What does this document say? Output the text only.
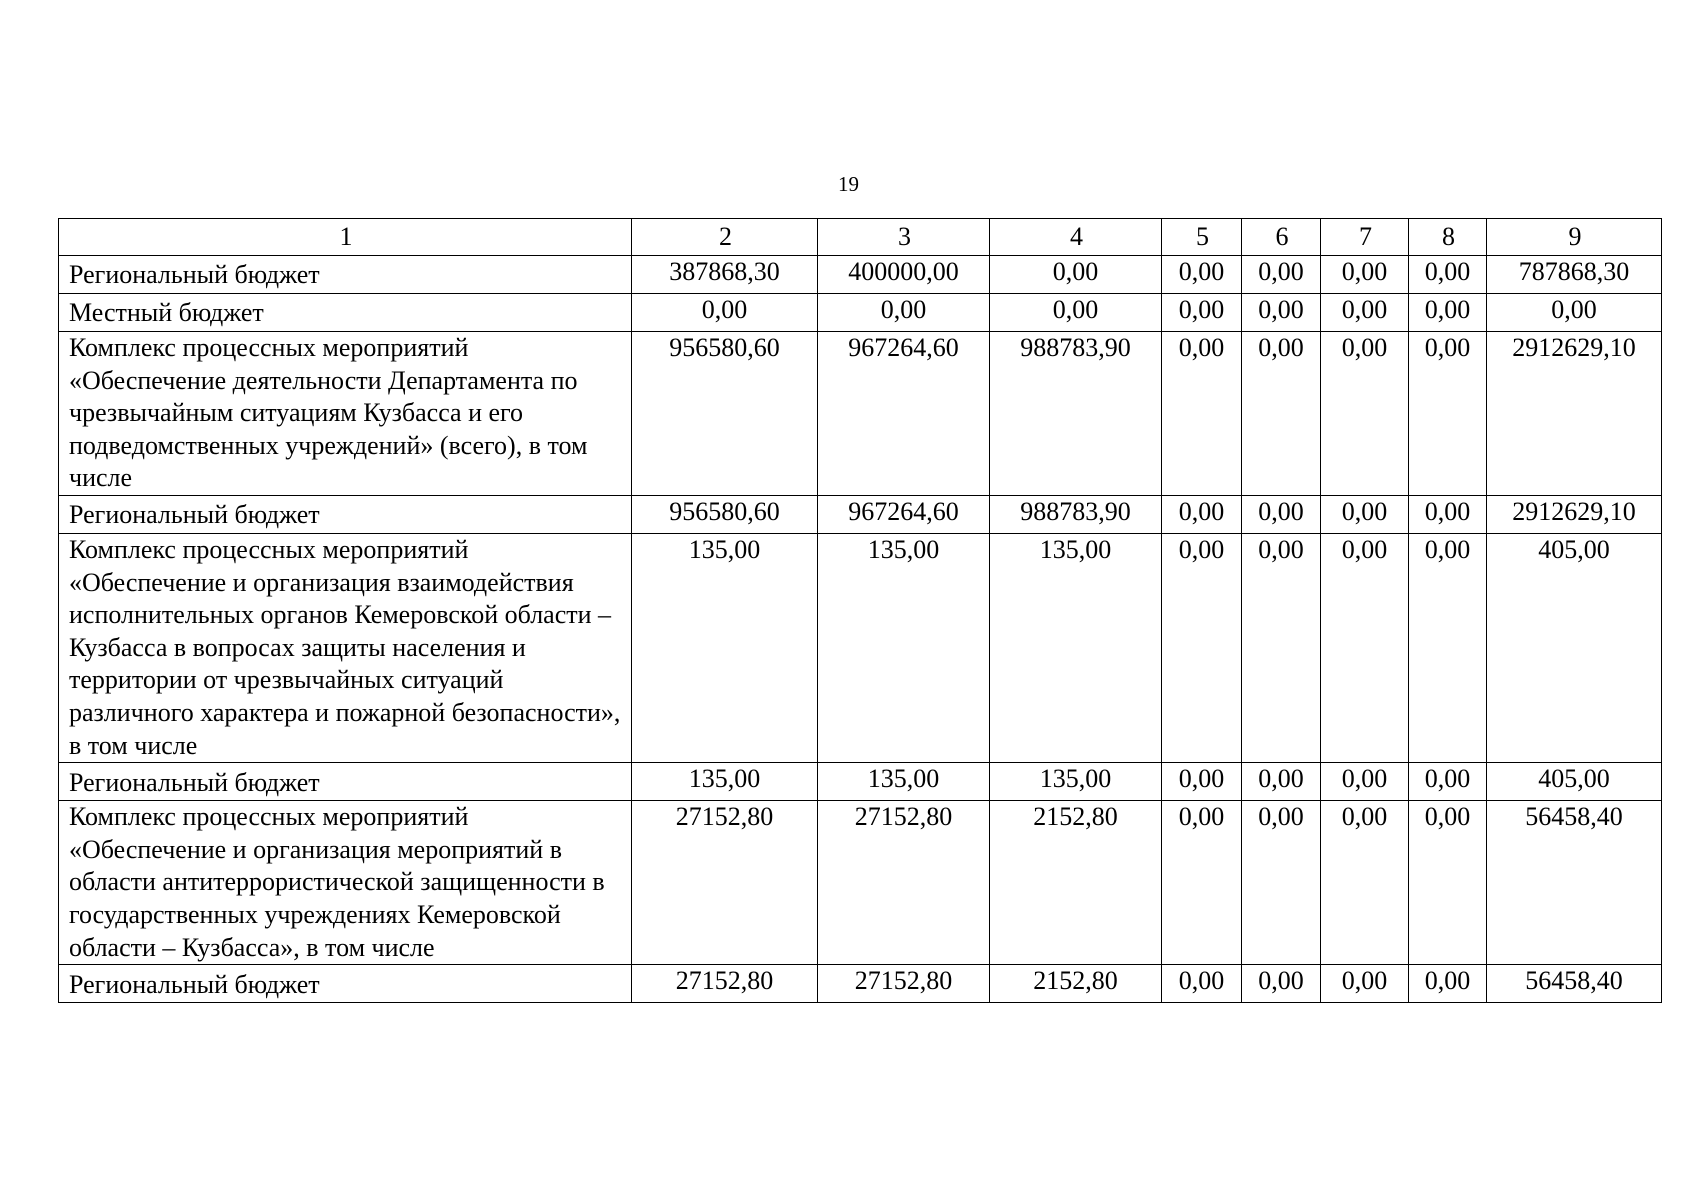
19
1	2	3	4	5	6	7	8	9
Региональный бюджет	387868,30	400000,00	0,00	0,00	0,00	0,00	0,00	787868,30
Местный бюджет	0,00	0,00	0,00	0,00	0,00	0,00	0,00	0,00
Комплекс процессных мероприятий «Обеспечение деятельности Департамента по чрезвычайным ситуациям Кузбасса и его подведомственных учреждений» (всего), в том числе	956580,60	967264,60	988783,90	0,00	0,00	0,00	0,00	2912629,10
Региональный бюджет	956580,60	967264,60	988783,90	0,00	0,00	0,00	0,00	2912629,10
Комплекс процессных мероприятий «Обеспечение и организация взаимодействия исполнительных органов Кемеровской области – Кузбасса в вопросах защиты населения и территории от чрезвычайных ситуаций различного характера и пожарной безопасности», в том числе	135,00	135,00	135,00	0,00	0,00	0,00	0,00	405,00
Региональный бюджет	135,00	135,00	135,00	0,00	0,00	0,00	0,00	405,00
Комплекс процессных мероприятий «Обеспечение и организация мероприятий в области антитеррористической защищенности в государственных учреждениях Кемеровской области – Кузбасса», в том числе	27152,80	27152,80	2152,80	0,00	0,00	0,00	0,00	56458,40
Региональный бюджет	27152,80	27152,80	2152,80	0,00	0,00	0,00	0,00	56458,40
